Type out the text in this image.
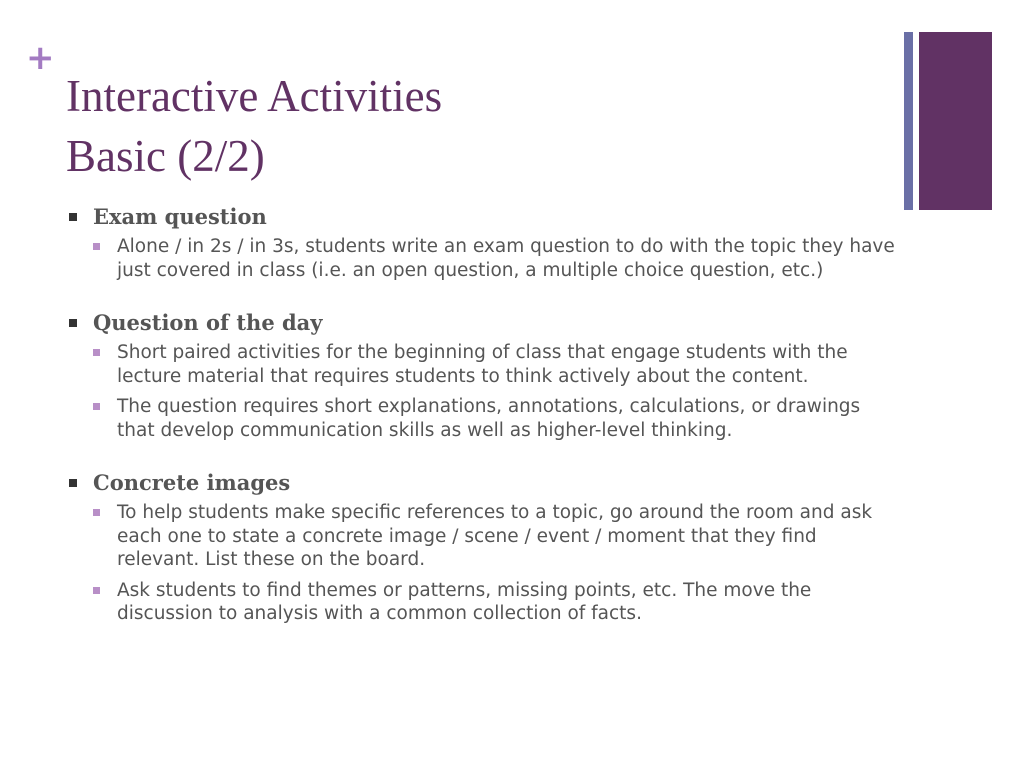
+
Interactive Activities
Basic (2/2)
Exam question
Alone / in 2s / in 3s, students write an exam question to do with the topic they have just covered in class (i.e. an open question, a multiple choice question, etc.)
Question of the day
Short paired activities for the beginning of class that engage students with the lecture material that requires students to think actively about the content.
The question requires short explanations, annotations, calculations, or drawings that develop communication skills as well as higher-level thinking.
Concrete images
To help students make specific references to a topic, go around the room and ask each one to state a concrete image / scene / event / moment that they find relevant. List these on the board.
Ask students to find themes or patterns, missing points, etc. The move the discussion to analysis with a common collection of facts.
